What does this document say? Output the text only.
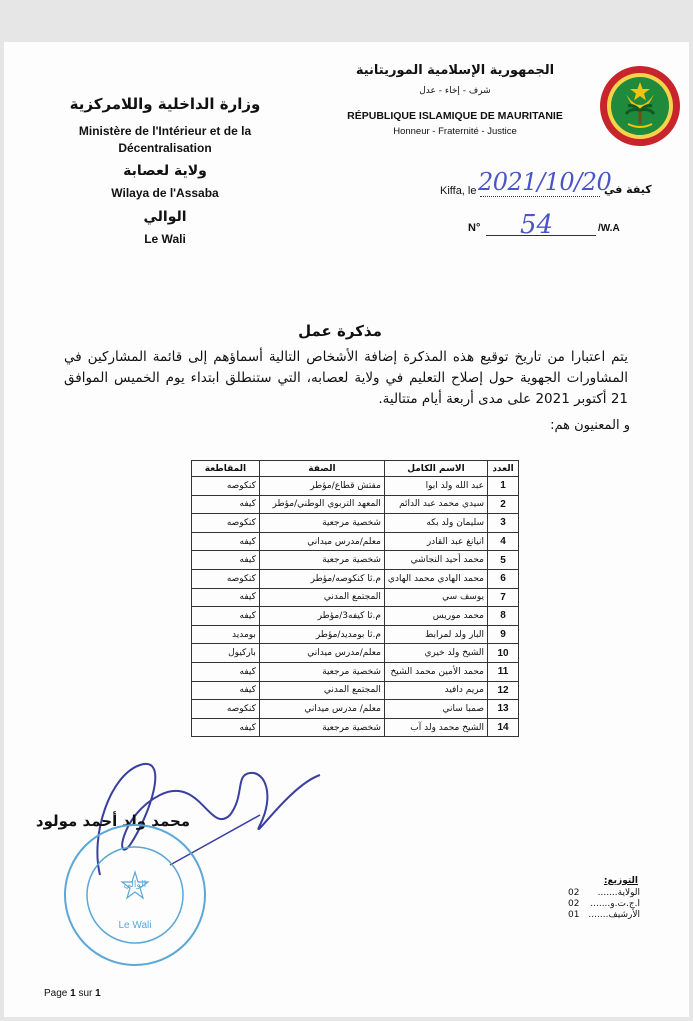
الجمهورية الإسلامية الموريتانية
شرف - إخاء - عدل
RÉPUBLIQUE ISLAMIQUE DE MAURITANIE
Honneur - Fraternité - Justice
وزارة الداخلية واللامركزية
Ministère de l'Intérieur et de la
Décentralisation
ولاية لعصابة
Wilaya de l'Assaba
الوالي
Le Wali
Kiffa, le 2021/10/20
كيفة في
N° 54	/W.A
مذكرة عمل
يتم اعتبارا من تاريخ توقيع هذه المذكرة إضافة الأشخاص التالية أسماؤهم إلى قائمة المشاركين في المشاورات الجهوية حول إصلاح التعليم في ولاية لعصابه، التي ستنطلق ابتداء يوم الخميس الموافق 21 أكتوبر 2021 على مدى أربعة أيام متتالية.
و المعنيون هم:
العدد	الاسم الكامل	الصفة	المقاطعة
1	عبد الله ولد ابوا	مفتش قطاع/مؤطر	كنكوصه
2	سيدي محمد عبد الدائم	المعهد التربوي الوطني/مؤطر	كيفه
3	سليمان ولد بكه	شخصية مرجعية	كنكوصه
4	انيانغ عبد القادر	معلم/مدرس ميداني	كيفه
5	محمد أحيد النجاشي	شخصية مرجعية	كيفه
6	محمد الهادي محمد الهادي	م.ثا كنكوصه/مؤطر	كنكوصه
7	يوسف سي	المجتمع المدني	كيفه
8	محمد موريس	م.ثا كيفه3/مؤطر	كيفه
9	البار ولد لمرابط	م.ثا بومديد/مؤطر	بومديد
10	الشيخ ولد خيري	معلم/مدرس ميداني	باركيول
11	محمد الأمين محمد الشيخ	شخصية مرجعية	كيفه
12	مريم دافيد	المجتمع المدني	كيفه
13	صمبا ساني	معلم/ مدرس ميداني	كنكوصه
14	الشيخ محمد ولد آب	شخصية مرجعية	كيفه
محمد ولد أحمد مولود
الوالي
Le Wali
التوزيع:
02 الولاية.......
02 ا.ج.ت.و.......
01 الأرشيف.......
Page 1 sur 1
